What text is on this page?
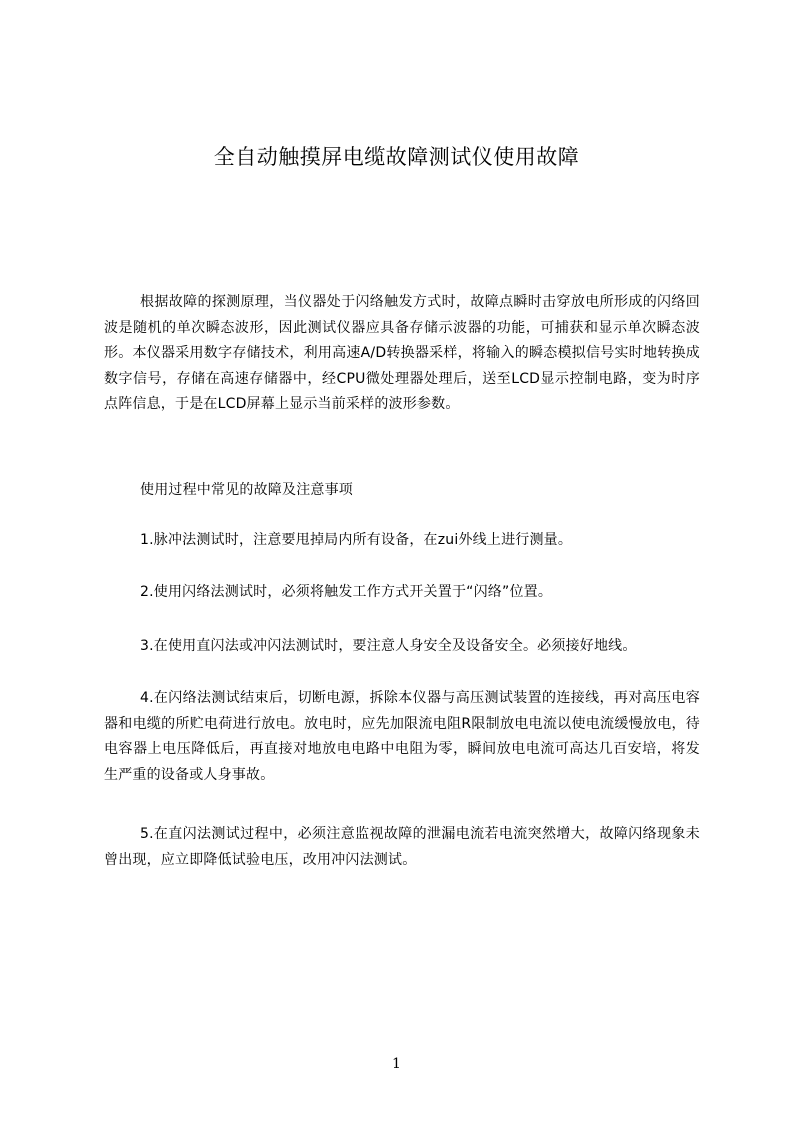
全自动触摸屏电缆故障测试仪使用故障

根据故障的探测原理，当仪器处于闪络触发方式时，故障点瞬时击穿放电所形成的闪络回波是随机的单次瞬态波形，因此测试仪器应具备存储示波器的功能，可捕获和显示单次瞬态波形。本仪器采用数字存储技术，利用高速A/D转换器采样，将输入的瞬态模拟信号实时地转换成数字信号，存储在高速存储器中，经CPU微处理器处理后，送至LCD显示控制电路，变为时序点阵信息，于是在LCD屏幕上显示当前采样的波形参数。

使用过程中常见的故障及注意事项

1.脉冲法测试时，注意要甩掉局内所有设备，在zui外线上进行测量。

2.使用闪络法测试时，必须将触发工作方式开关置于“闪络”位置。

3.在使用直闪法或冲闪法测试时，要注意人身安全及设备安全。必须接好地线。

4.在闪络法测试结束后，切断电源，拆除本仪器与高压测试装置的连接线，再对高压电容器和电缆的所贮电荷进行放电。放电时，应先加限流电阻R限制放电电流以使电流缓慢放电，待电容器上电压降低后，再直接对地放电电路中电阻为零，瞬间放电电流可高达几百安培，将发生严重的设备或人身事故。

5.在直闪法测试过程中，必须注意监视故障的泄漏电流若电流突然增大，故障闪络现象未曾出现，应立即降低试验电压，改用冲闪法测试。

1
